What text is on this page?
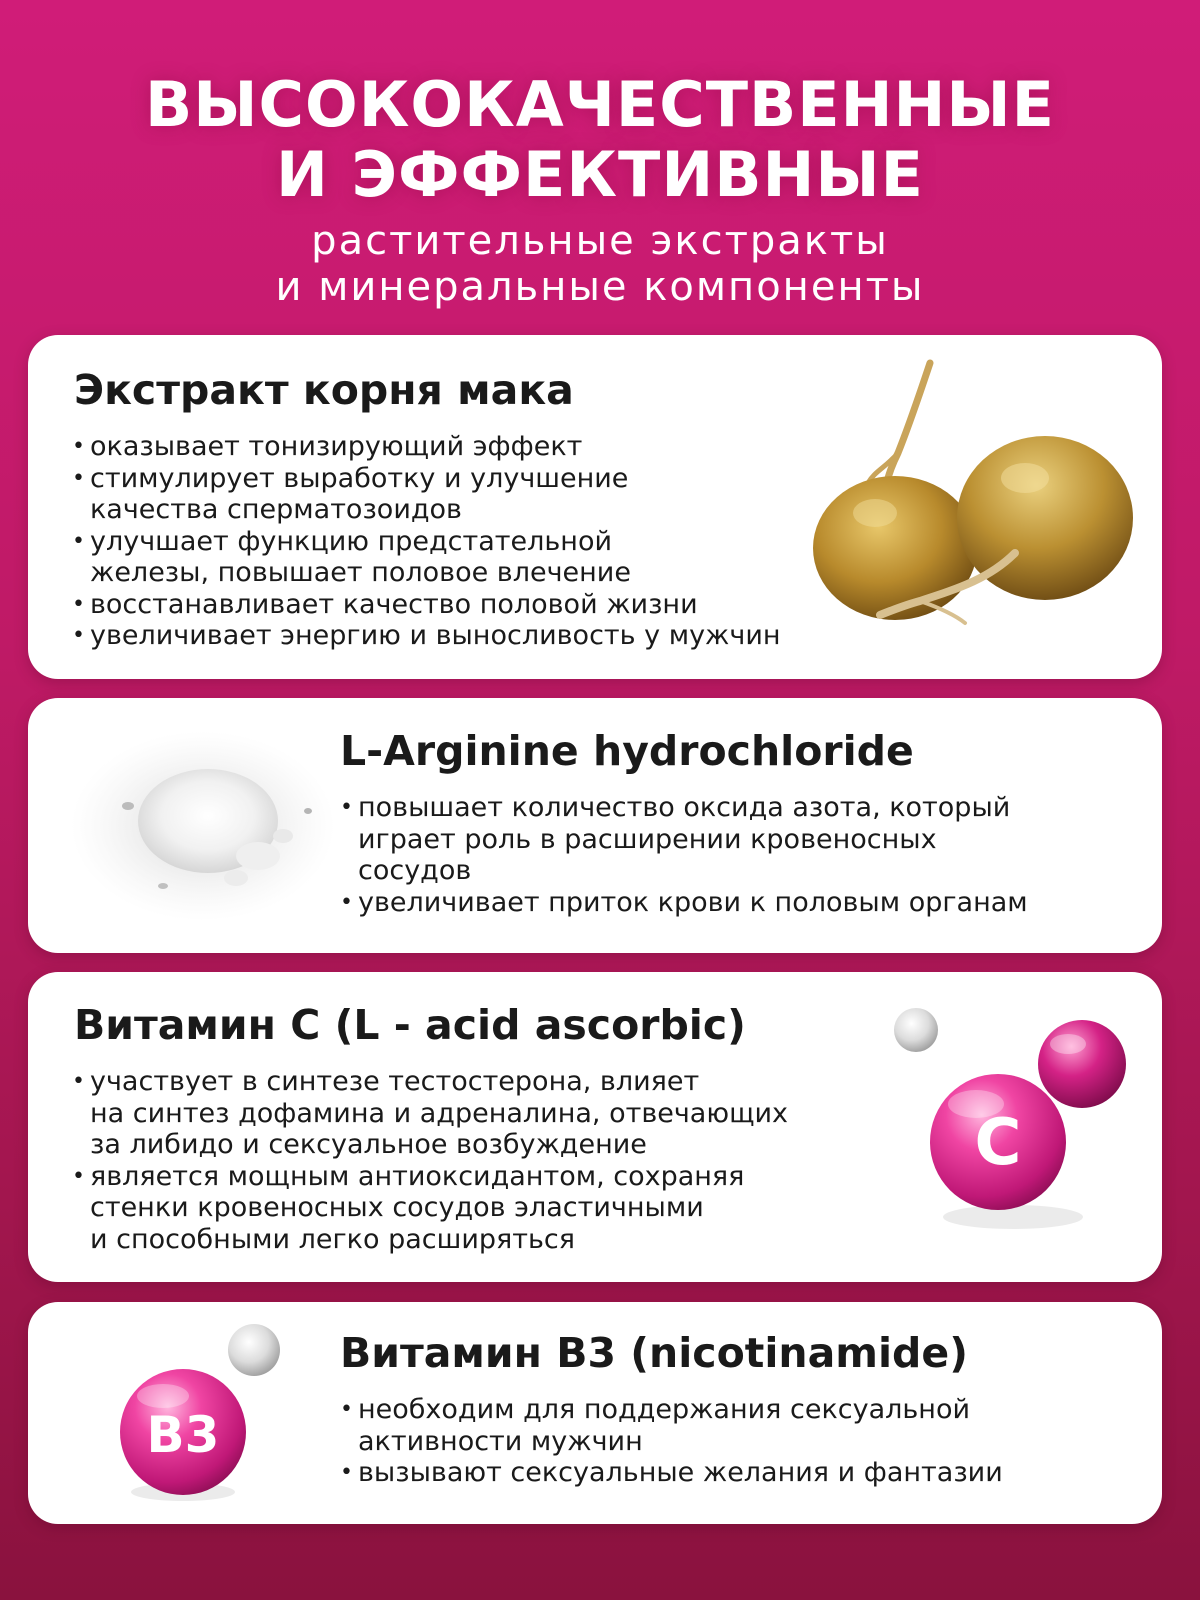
ВЫСОКОКАЧЕСТВЕННЫЕ
И ЭФФЕКТИВНЫЕ
растительные экстракты
и минеральные компоненты
Экстракт корня мака
• оказывает тонизирующий эффект
• стимулирует выработку и улучшение
качества сперматозоидов
• улучшает функцию предстательной
железы, повышает половое влечение
• восстанавливает качество половой жизни
• увеличивает энергию и выносливость у мужчин
L-Arginine hydrochloride
• повышает количество оксида азота, который
играет роль в расширении кровеносных
сосудов
• увеличивает приток крови к половым органам
Витамин C (L - acid ascorbic)
• участвует в синтезе тестостерона, влияет
на синтез дофамина и адреналина, отвечающих
за либидо и сексуальное возбуждение
• является мощным антиоксидантом, сохраняя
стенки кровеносных сосудов эластичными
и способными легко расширяться
C
B3
Витамин B3 (nicotinamide)
• необходим для поддержания сексуальной
активности мужчин
• вызывают сексуальные желания и фантазии
